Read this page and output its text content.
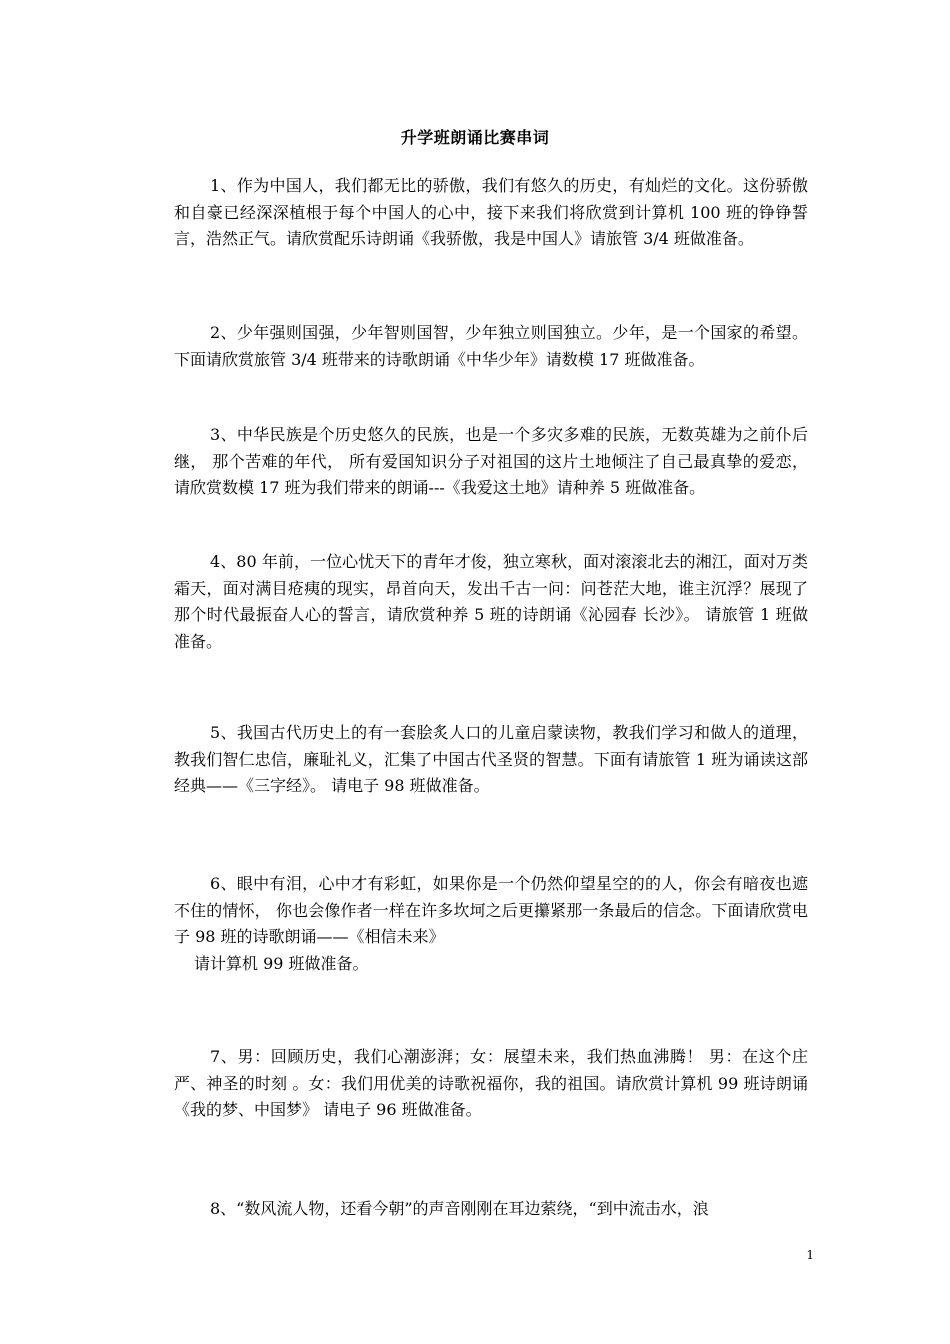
升学班朗诵比赛串词
1、作为中国人，我们都无比的骄傲，我们有悠久的历史，有灿烂的文化。这份骄傲和自豪已经深深植根于每个中国人的心中，接下来我们将欣赏到计算机 100 班的铮铮誓言，浩然正气。请欣赏配乐诗朗诵《我骄傲，我是中国人》请旅管 3/4 班做准备。
2、少年强则国强，少年智则国智，少年独立则国独立。少年，是一个国家的希望。下面请欣赏旅管 3/4 班带来的诗歌朗诵《中华少年》请数模 17 班做准备。
3、中华民族是个历史悠久的民族，也是一个多灾多难的民族，无数英雄为之前仆后继， 那个苦难的年代， 所有爱国知识分子对祖国的这片土地倾注了自己最真挚的爱恋，请欣赏数模 17 班为我们带来的朗诵---《我爱这土地》请种养 5 班做准备。
4、80 年前，一位心忧天下的青年才俊，独立寒秋，面对滚滚北去的湘江，面对万类霜天，面对满目疮痍的现实，昂首向天，发出千古一问：问苍茫大地，谁主沉浮？展现了那个时代最振奋人心的誓言，请欣赏种养 5 班的诗朗诵《沁园春 长沙》。 请旅管 1 班做准备。
5、我国古代历史上的有一套脍炙人口的儿童启蒙读物，教我们学习和做人的道理，教我们智仁忠信，廉耻礼义，汇集了中国古代圣贤的智慧。下面有请旅管 1 班为诵读这部经典——《三字经》。 请电子 98 班做准备。
6、眼中有泪，心中才有彩虹，如果你是一个仍然仰望星空的的人，你会有暗夜也遮不住的情怀， 你也会像作者一样在许多坎坷之后更攥紧那一条最后的信念。下面请欣赏电子 98 班的诗歌朗诵——《相信未来》
请计算机 99 班做准备。
7、男：回顾历史，我们心潮澎湃；女：展望未来，我们热血沸腾！ 男：在这个庄严、神圣的时刻 。女：我们用优美的诗歌祝福你，我的祖国。请欣赏计算机 99 班诗朗诵《我的梦、中国梦》 请电子 96 班做准备。
8、“数风流人物，还看今朝”的声音刚刚在耳边萦绕，“到中流击水，浪
1
